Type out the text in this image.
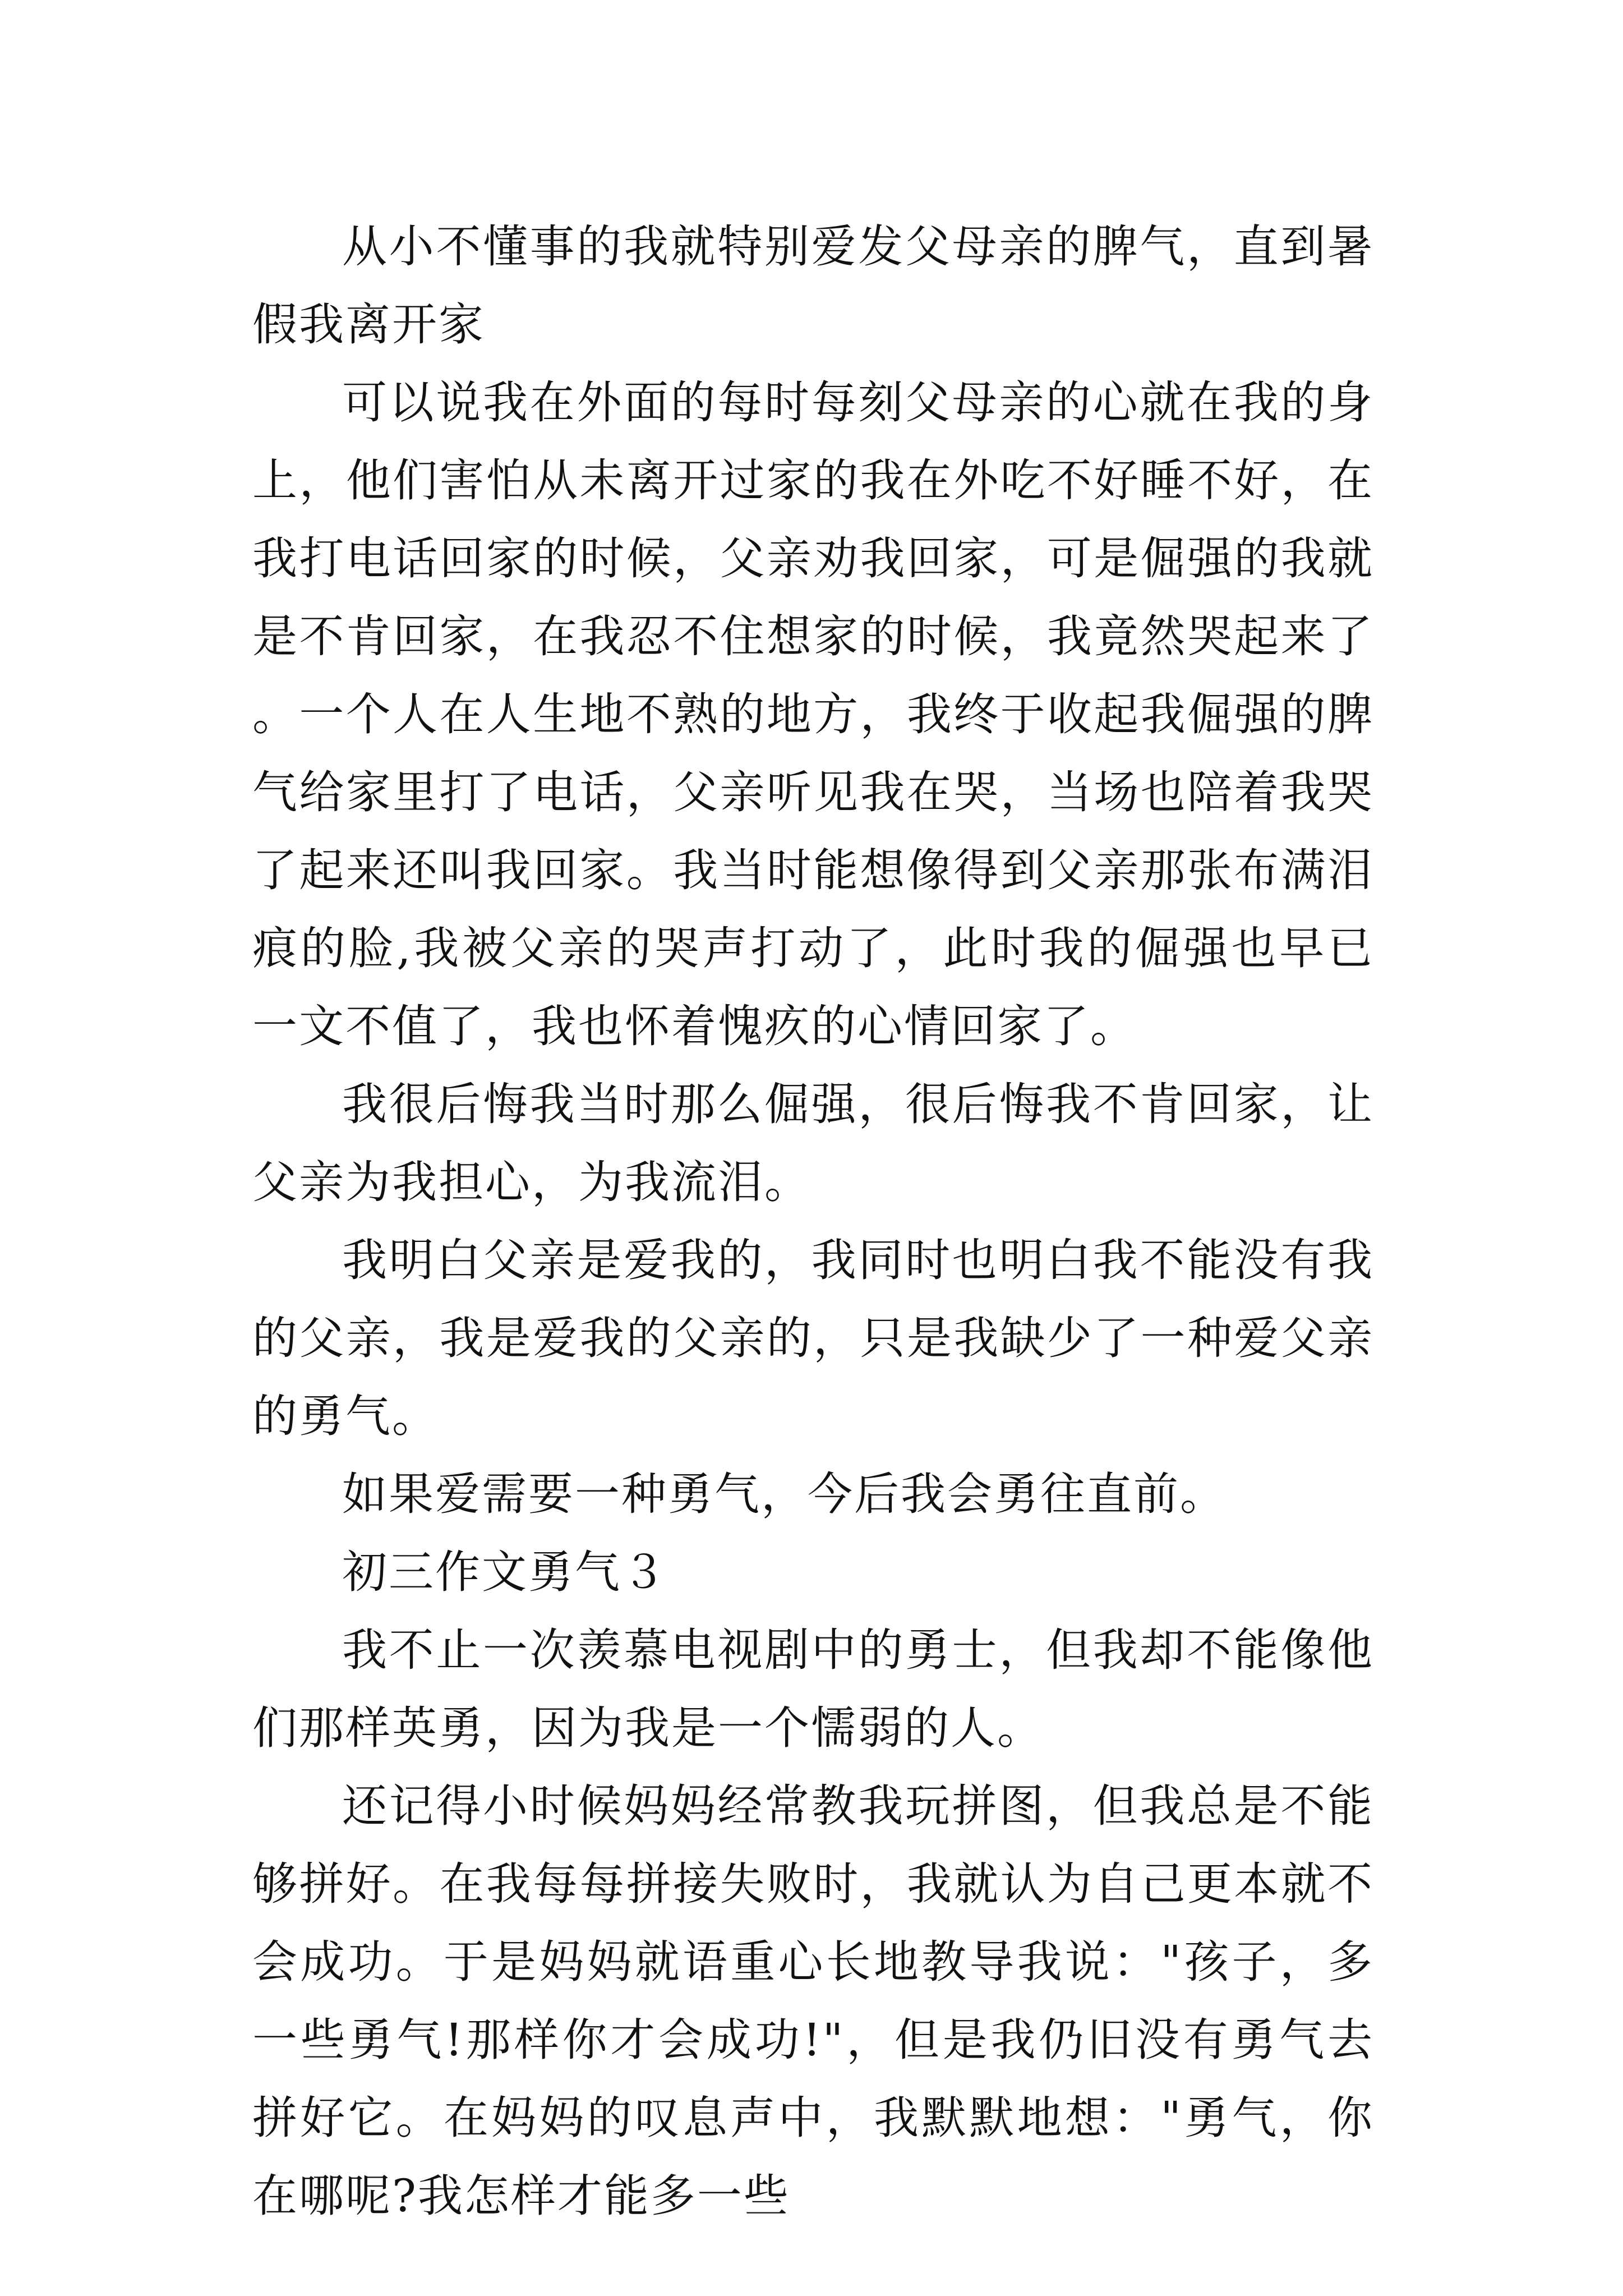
从小不懂事的我就特别爱发父母亲的脾气，直到暑假我离开家

可以说我在外面的每时每刻父母亲的心就在我的身上，他们害怕从未离开过家的我在外吃不好睡不好，在我打电话回家的时候，父亲劝我回家，可是倔强的我就是不肯回家，在我忍不住想家的时候，我竟然哭起来了。一个人在人生地不熟的地方，我终于收起我倔强的脾气给家里打了电话，父亲听见我在哭，当场也陪着我哭了起来还叫我回家。我当时能想像得到父亲那张布满泪痕的脸,我被父亲的哭声打动了，此时我的倔强也早已一文不值了，我也怀着愧疚的心情回家了。

我很后悔我当时那么倔强，很后悔我不肯回家，让父亲为我担心，为我流泪。

我明白父亲是爱我的，我同时也明白我不能没有我的父亲，我是爱我的父亲的，只是我缺少了一种爱父亲的勇气。

如果爱需要一种勇气，今后我会勇往直前。

初三作文勇气３

我不止一次羡慕电视剧中的勇士，但我却不能像他们那样英勇，因为我是一个懦弱的人。

还记得小时候妈妈经常教我玩拼图，但我总是不能够拼好。在我每每拼接失败时，我就认为自己更本就不会成功。于是妈妈就语重心长地教导我说："孩子，多一些勇气!那样你才会成功!"，但是我仍旧没有勇气去拼好它。在妈妈的叹息声中，我默默地想："勇气，你在哪呢?我怎样才能多一些
